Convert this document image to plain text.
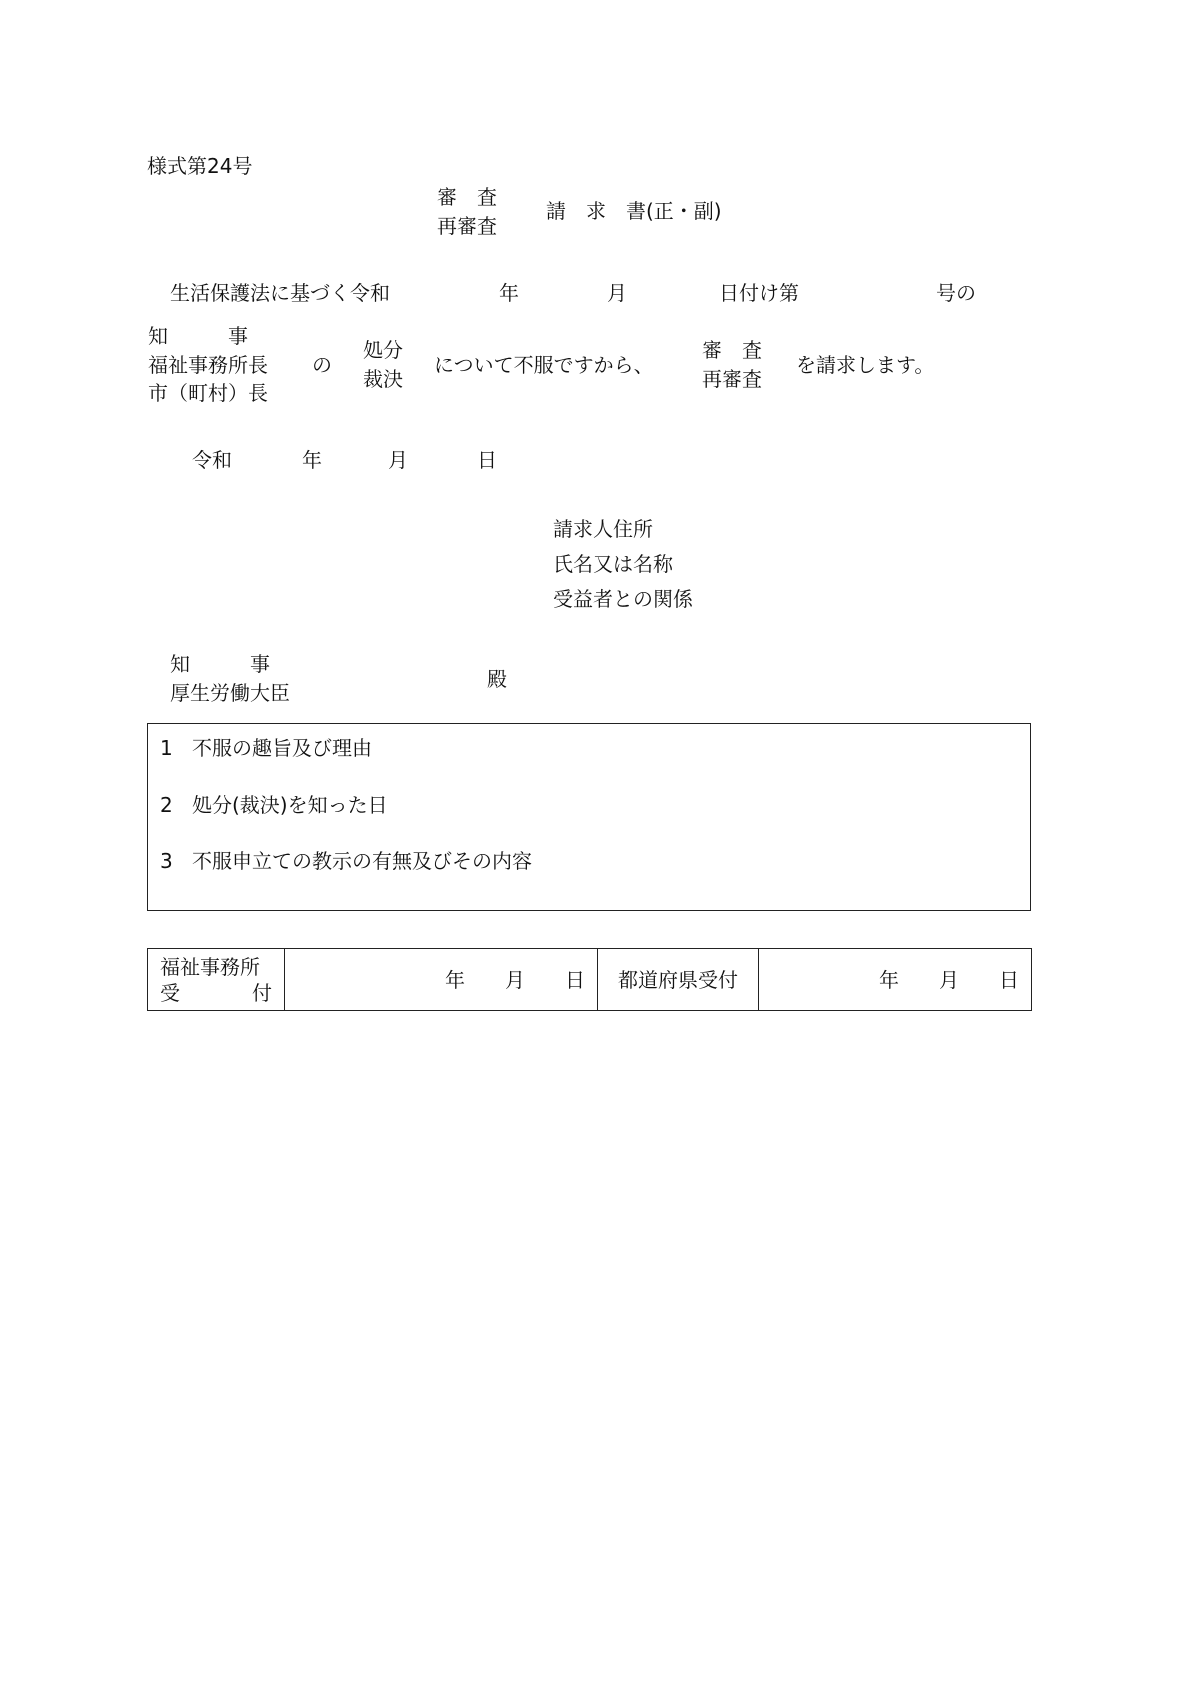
様式第24号
審　査
再審査
請　求　書(正・副)
生活保護法に基づく令和	年	月	日付け第	号の
知　　　事
福祉事務所長
市（町村）長
の
処分
裁決
について不服ですから、
審　査
再審査
を請求します。
令和	年	月	日
請求人住所
氏名又は名称
受益者との関係
知　　　事
厚生労働大臣
殿
1 不服の趣旨及び理由
2 処分(裁決)を知った日
3 不服申立ての教示の有無及びその内容
福祉事務所
受	付
	年 月 日	都道府県受付	年 月 日
